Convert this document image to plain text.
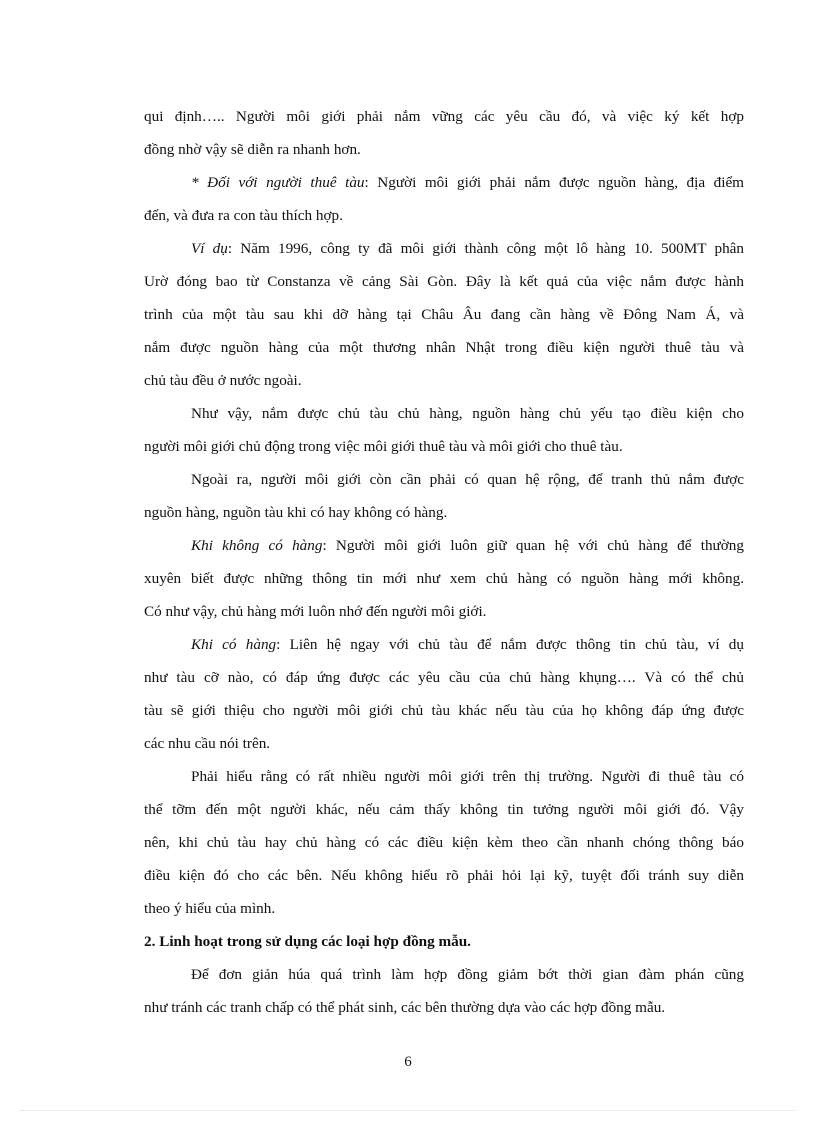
qui định….. Người môi giới phải nắm vững các yêu cầu đó, và việc ký kết hợp
đồng nhờ vậy sẽ diễn ra nhanh hơn.
* Đối với người thuê tàu: Người môi giới phải nắm được nguồn hàng, địa điểm
đến, và đưa ra con tàu thích hợp.
Ví dụ: Năm 1996, công ty đã môi giới thành công một lô hàng 10. 500MT phân
Urờ đóng bao từ Constanza về cảng Sài Gòn. Đây là kết quả của việc nắm được hành
trình của một tàu sau khi dỡ hàng tại Châu Âu đang cần hàng về Đông Nam Á, và
nắm được nguồn hàng của một thương nhân Nhật trong điều kiện người thuê tàu và
chủ tàu đều ở nước ngoài.
Như vậy, nắm được chủ tàu chủ hàng, nguồn hàng chủ yếu tạo điều kiện cho
người môi giới chủ động trong việc môi giới thuê tàu và môi giới cho thuê tàu.
Ngoài ra, người môi giới còn cần phải có quan hệ rộng, để tranh thủ nắm được
nguồn hàng, nguồn tàu khi có hay không có hàng.
Khi không có hàng: Người môi giới luôn giữ quan hệ với chủ hàng để thường
xuyên biết được những thông tin mới như xem chủ hàng có nguồn hàng mới không.
Có như vậy, chủ hàng mới luôn nhớ đến người môi giới.
Khi có hàng: Liên hệ ngay với chủ tàu để nắm được thông tin chủ tàu, ví dụ
như tàu cỡ nào, có đáp ứng được các yêu cầu của chủ hàng khụng…. Và có thể chủ
tàu sẽ giới thiệu cho người môi giới chủ tàu khác nếu tàu của họ không đáp ứng được
các nhu cầu nói trên.
Phải hiểu rằng có rất nhiều người môi giới trên thị trường. Người đi thuê tàu có
thể tỡm đến một người khác, nếu cảm thấy không tin tưởng người môi giới đó. Vậy
nên, khi chủ tàu hay chủ hàng có các điều kiện kèm theo cần nhanh chóng thông báo
điều kiện đó cho các bên. Nếu không hiểu rõ phải hỏi lại kỹ, tuyệt đối tránh suy diễn
theo ý hiểu của mình.
2. Linh hoạt trong sử dụng các loại hợp đồng mẫu.
Để đơn giản húa quá trình làm hợp đồng giảm bớt thời gian đàm phán cũng
như tránh các tranh chấp có thể phát sinh, các bên thường dựa vào các hợp đồng mẫu.
6
